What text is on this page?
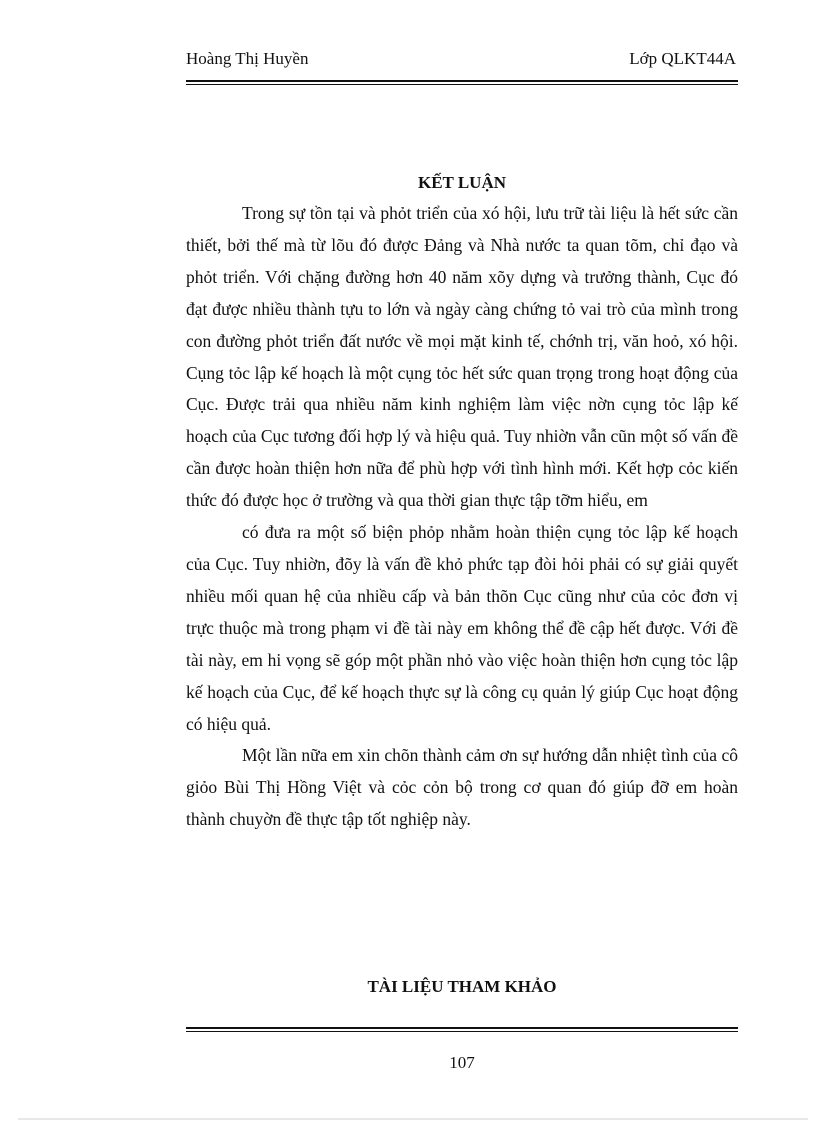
Hoàng Thị Huyền	Lớp QLKT44A
KẾT LUẬN

Trong sự tồn tại và phỏt triển của xó hội, lưu trữ tài liệu là hết sức cần thiết, bởi thế mà từ lõu đó được Đảng và Nhà nước ta quan tõm, chỉ đạo và phỏt triển. Với chặng đường hơn 40 năm xõy dựng và trưởng thành, Cục đó đạt được nhiều thành tựu to lớn và ngày càng chứng tỏ vai trò của mình trong con đường phỏt triển đất nước về mọi mặt kinh tế, chớnh trị, văn hoỏ, xó hội. Cụng tỏc lập kế hoạch là một cụng tỏc hết sức quan trọng trong hoạt động của Cục. Được trải qua nhiều năm kinh nghiệm làm việc nờn cụng tỏc lập kế hoạch của Cục tương đối hợp lý và hiệu quả. Tuy nhiờn vẫn cũn một số vấn đề cần được hoàn thiện hơn nữa để phù hợp với tình hình mới. Kết hợp cỏc kiến thức đó được học ở trường và qua thời gian thực tập tỡm hiểu, em

có đưa ra một số biện phỏp nhằm hoàn thiện cụng tỏc lập kế hoạch của Cục. Tuy nhiờn, đõy là vấn đề khỏ phức tạp đòi hỏi phải có sự giải quyết nhiều mối quan hệ của nhiều cấp và bản thõn Cục cũng như của cỏc đơn vị trực thuộc mà trong phạm vi đề tài này em không thể đề cập hết được. Với đề tài này, em hi vọng sẽ góp một phần nhỏ vào việc hoàn thiện hơn cụng tỏc lập kế hoạch của Cục, để kế hoạch thực sự là công cụ quản lý giúp Cục hoạt động có hiệu quả.

Một lần nữa em xin chõn thành cảm ơn sự hướng dẫn nhiệt tình của cô giỏo Bùi Thị Hồng Việt và cỏc cỏn bộ trong cơ quan đó giúp đỡ em hoàn thành chuyờn đề thực tập tốt nghiệp này.

TÀI LIỆU THAM KHẢO
107
